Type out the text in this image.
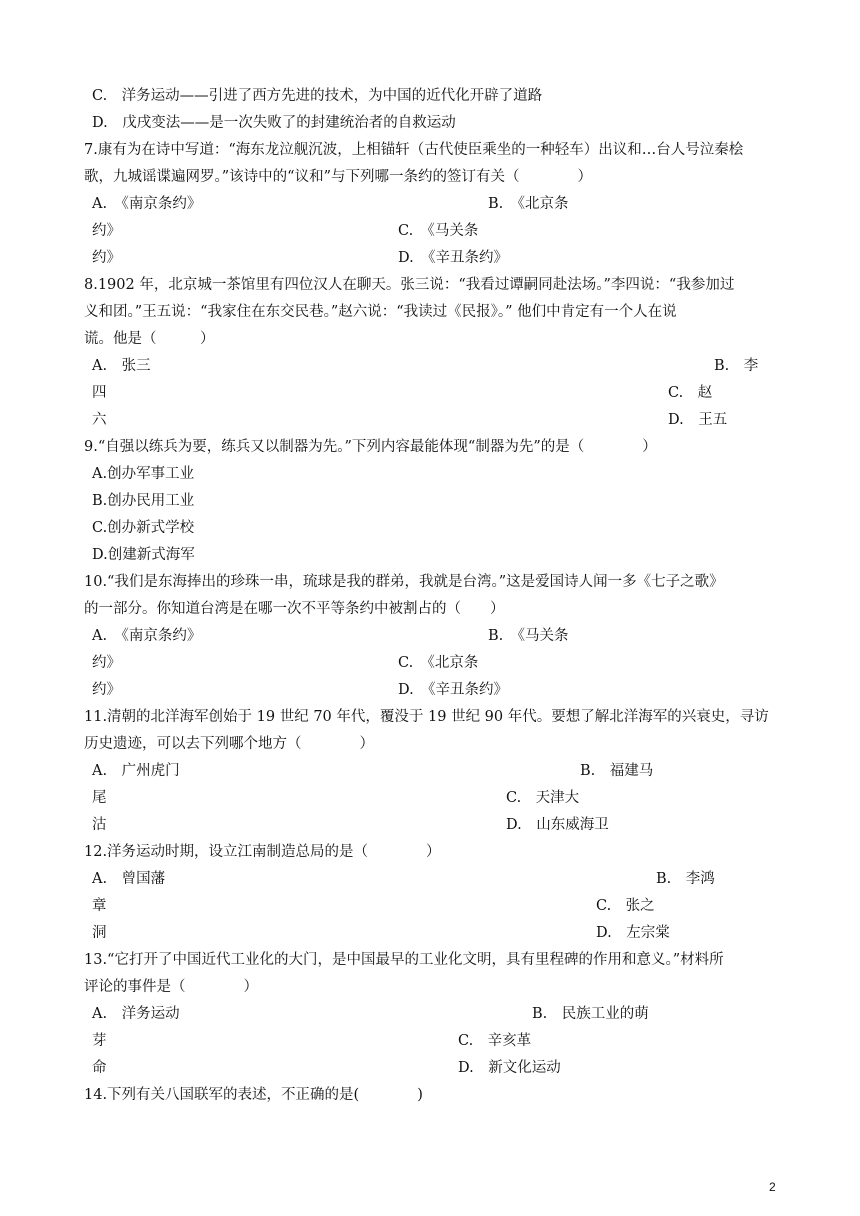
C.　洋务运动——引进了西方先进的技术，为中国的近代化开辟了道路
D.　戊戌变法——是一次失败了的封建统治者的自救运动
7.康有为在诗中写道：“海东龙泣舰沉波，上相锚轩（古代使臣乘坐的一种轻车）出议和…台人号泣秦桧
歌，九城谣谍遍网罗。”该诗中的“议和”与下列哪一条约的签订有关（　　　　）
A.　《南京条约》	B.　《北京条
约》	C.　《马关条
约》	D.　《辛丑条约》
8.1902 年，北京城一茶馆里有四位汉人在聊天。张三说：“我看过谭嗣同赴法场。”李四说：“我参加过
义和团。”王五说：“我家住在东交民巷。”赵六说：“我读过《民报》。” 他们中肯定有一个人在说
谎。他是（　　　）
A.　张三	B.　李
四	C.　赵
六	D.　王五
9.“自强以练兵为要，练兵又以制器为先。”下列内容最能体现“制器为先”的是（　　　　）
A.创办军事工业
B.创办民用工业
C.创办新式学校
D.创建新式海军
10.“我们是东海捧出的珍珠一串，琉球是我的群弟，我就是台湾。”这是爱国诗人闻一多《七子之歌》
的一部分。你知道台湾是在哪一次不平等条约中被割占的（　　）
A.　《南京条约》	B.　《马关条
约》	C.　《北京条
约》	D.　《辛丑条约》
11.清朝的北洋海军创始于 19 世纪 70 年代，覆没于 19 世纪 90 年代。要想了解北洋海军的兴衰史，寻访
历史遗迹，可以去下列哪个地方（　　　　）
A.　广州虎门	B.　福建马
尾	C.　天津大
沽	D.　山东威海卫
12.洋务运动时期，设立江南制造总局的是（　　　　）
A.　曾国藩	B.　李鸿
章	C.　张之
洞	D.　左宗棠
13.“它打开了中国近代工业化的大门，是中国最早的工业化文明，具有里程碑的作用和意义。”材料所
评论的事件是（　　　　）
A.　洋务运动	B.　民族工业的萌
芽	C.　辛亥革
命	D.　新文化运动
14.下列有关八国联军的表述，不正确的是(　　　　)
2
